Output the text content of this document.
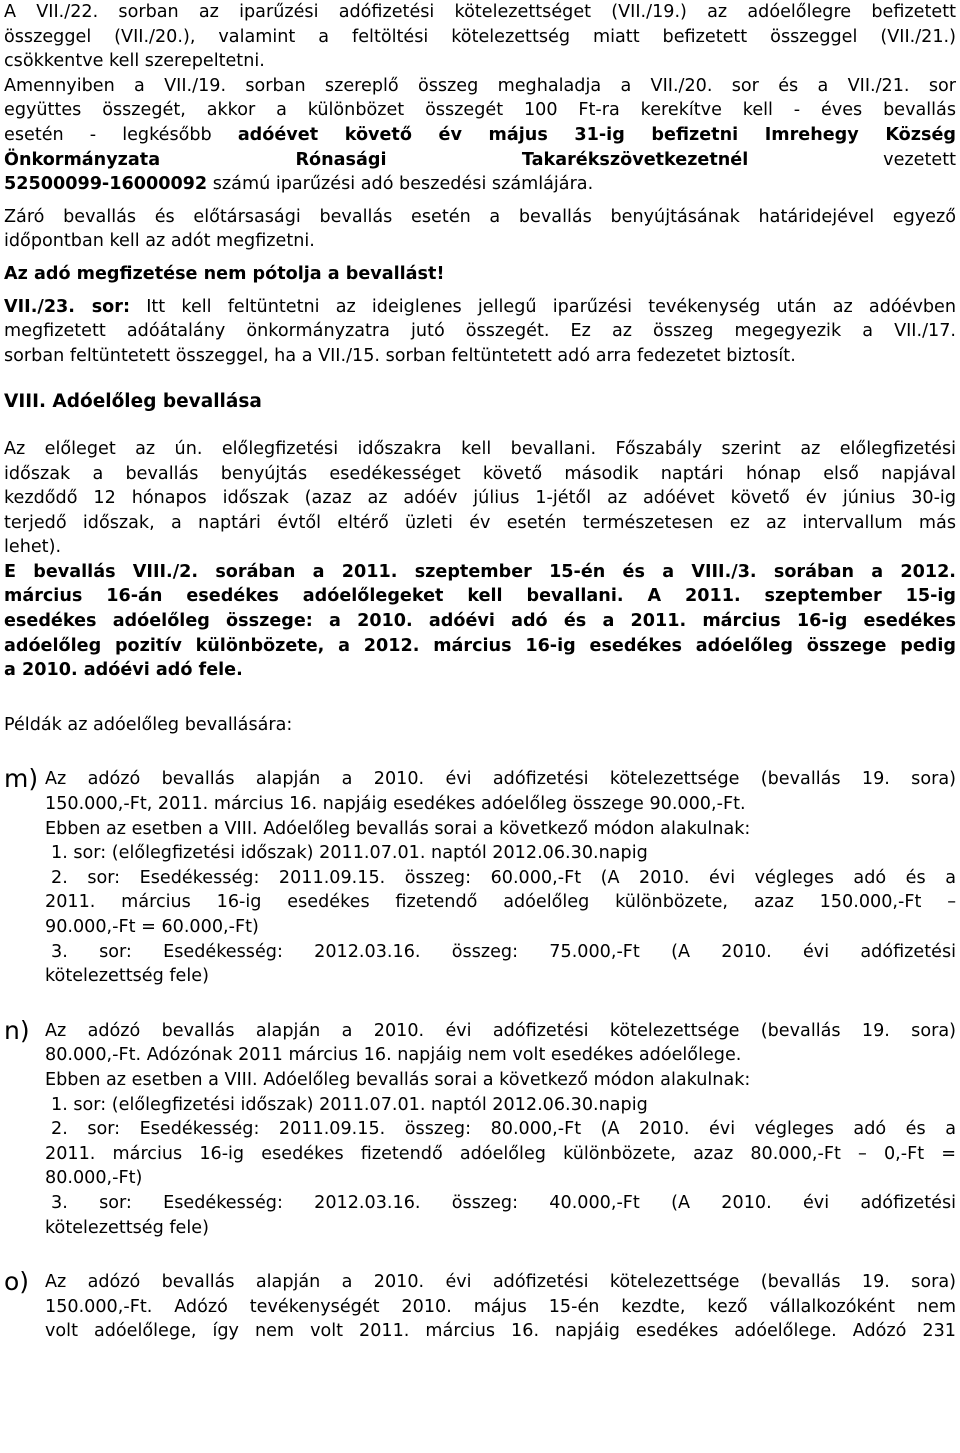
A VII./22. sorban az iparűzési adófizetési kötelezettséget (VII./19.) az adóelőlegre befizetett
összeggel (VII./20.), valamint a feltöltési kötelezettség miatt befizetett összeggel (VII./21.)
csökkentve kell szerepeltetni.
Amennyiben a VII./19. sorban szereplő összeg meghaladja a VII./20. sor és a VII./21. sor
együttes összegét, akkor a különbözet összegét 100 Ft-ra kerekítve kell - éves bevallás
esetén - legkésőbb adóévet követő év május 31-ig befizetni Imrehegy Község
Önkormányzata Rónasági Takarékszövetkezetnél	vezetett
52500099-16000092 számú iparűzési adó beszedési számlájára.
Záró bevallás és előtársasági bevallás esetén a bevallás benyújtásának határidejével egyező
időpontban kell az adót megfizetni.
Az adó megfizetése nem pótolja a bevallást!
VII./23. sor: Itt kell feltüntetni az ideiglenes jellegű iparűzési tevékenység után az adóévben
megfizetett adóátalány önkormányzatra jutó összegét. Ez az összeg megegyezik a VII./17.
sorban feltüntetett összeggel, ha a VII./15. sorban feltüntetett adó arra fedezetet biztosít.
VIII. Adóelőleg bevallása
Az előleget az ún. előlegfizetési időszakra kell bevallani. Főszabály szerint az előlegfizetési
időszak a bevallás benyújtás esedékességet követő második naptári hónap első napjával
kezdődő 12 hónapos időszak (azaz az adóév július 1-jétől az adóévet követő év június 30-ig
terjedő időszak, a naptári évtől eltérő üzleti év esetén természetesen ez az intervallum más
lehet).
E bevallás VIII./2. sorában a 2011. szeptember 15-én és a VIII./3. sorában a 2012.
március 16-án esedékes adóelőlegeket kell bevallani. A 2011. szeptember 15-ig
esedékes adóelőleg összege: a 2010. adóévi adó és a 2011. március 16-ig esedékes
adóelőleg pozitív különbözete, a 2012. március 16-ig esedékes adóelőleg összege pedig
a 2010. adóévi adó fele.
Példák az adóelőleg bevallására:
m) Az adózó bevallás alapján a 2010. évi adófizetési kötelezettsége (bevallás 19. sora)
150.000,-Ft, 2011. március 16. napjáig esedékes adóelőleg összege 90.000,-Ft.
Ebben az esetben a VIII. Adóelőleg bevallás sorai a következő módon alakulnak:
1. sor: (előlegfizetési időszak) 2011.07.01. naptól 2012.06.30.napig
2. sor: Esedékesség: 2011.09.15. összeg: 60.000,-Ft (A 2010. évi végleges adó és a
2011. március 16-ig esedékes fizetendő adóelőleg különbözete, azaz 150.000,-Ft –
90.000,-Ft = 60.000,-Ft)
3. sor: Esedékesség: 2012.03.16. összeg: 75.000,-Ft (A 2010. évi adófizetési
kötelezettség fele)
n) Az adózó bevallás alapján a 2010. évi adófizetési kötelezettsége (bevallás 19. sora)
80.000,-Ft. Adózónak 2011 március 16. napjáig nem volt esedékes adóelőlege.
Ebben az esetben a VIII. Adóelőleg bevallás sorai a következő módon alakulnak:
1. sor: (előlegfizetési időszak) 2011.07.01. naptól 2012.06.30.napig
2. sor: Esedékesség: 2011.09.15. összeg: 80.000,-Ft (A 2010. évi végleges adó és a
2011. március 16-ig esedékes fizetendő adóelőleg különbözete, azaz 80.000,-Ft – 0,-Ft =
80.000,-Ft)
3. sor: Esedékesség: 2012.03.16. összeg: 40.000,-Ft (A 2010. évi adófizetési
kötelezettség fele)
o) Az adózó bevallás alapján a 2010. évi adófizetési kötelezettsége (bevallás 19. sora)
150.000,-Ft. Adózó tevékenységét 2010. május 15-én kezdte, kező vállalkozóként nem
volt adóelőlege, így nem volt 2011. március 16. napjáig esedékes adóelőlege. Adózó 231
